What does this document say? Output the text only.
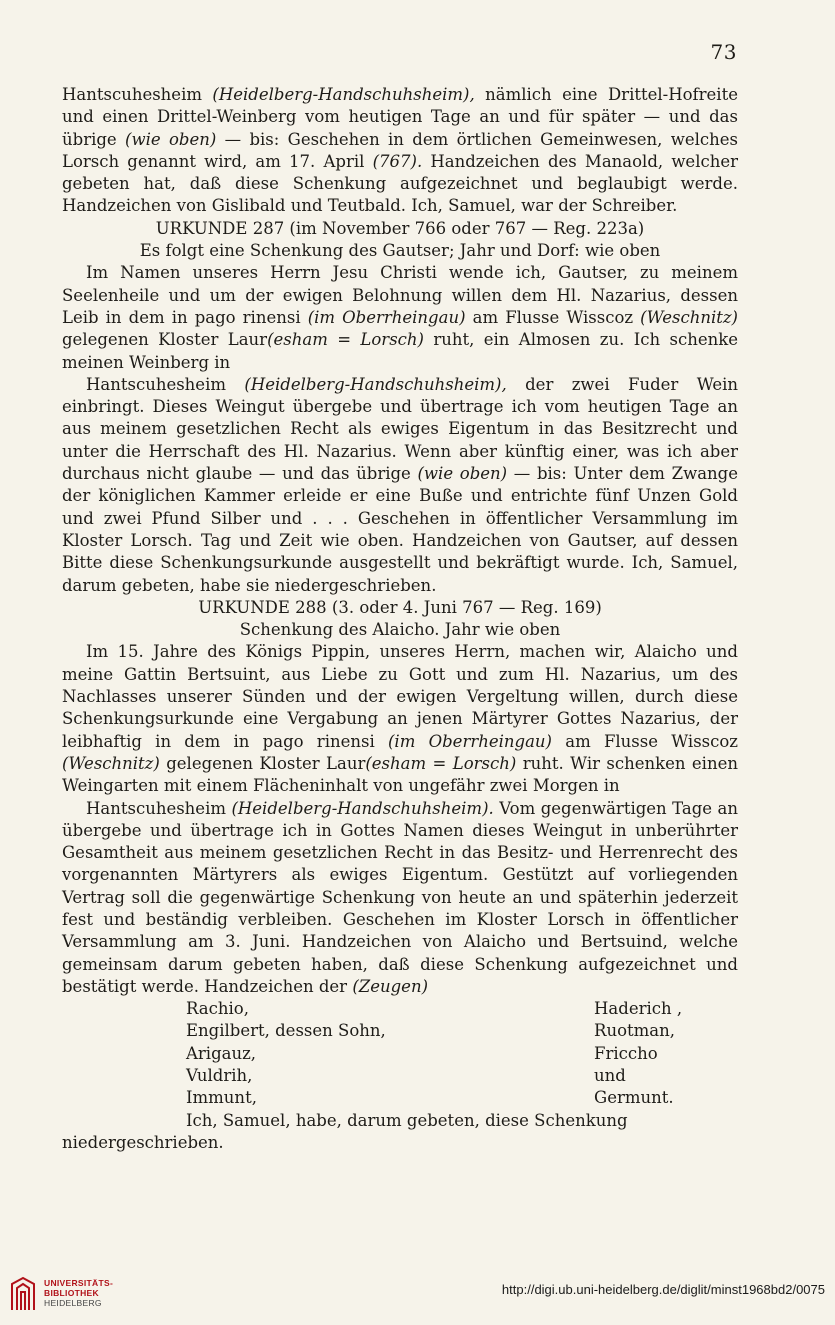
73

Hantscuhesheim (Heidelberg-Handschuhsheim), nämlich eine Drittel-Hofreite und einen Drittel-Weinberg vom heutigen Tage an und für später — und das übrige (wie oben) — bis: Geschehen in dem örtlichen Gemeinwesen, welches Lorsch genannt wird, am 17. April (767). Handzeichen des Manaold, welcher gebeten hat, daß diese Schenkung aufgezeichnet und beglaubigt werde. Handzeichen von Gislibald und Teutbald. Ich, Samuel, war der Schreiber.

URKUNDE 287 (im November 766 oder 767 — Reg. 223a)

Es folgt eine Schenkung des Gautser; Jahr und Dorf: wie oben

Im Namen unseres Herrn Jesu Christi wende ich, Gautser, zu meinem Seelenheile und um der ewigen Belohnung willen dem Hl. Nazarius, dessen Leib in dem in pago rinensi (im Oberrheingau) am Flusse Wisscoz (Weschnitz) gelegenen Kloster Laur(esham = Lorsch) ruht, ein Almosen zu. Ich schenke meinen Weinberg in

Hantscuhesheim (Heidelberg-Handschuhsheim), der zwei Fuder Wein einbringt. Dieses Weingut übergebe und übertrage ich vom heutigen Tage an aus meinem gesetzlichen Recht als ewiges Eigentum in das Besitzrecht und unter die Herrschaft des Hl. Nazarius. Wenn aber künftig einer, was ich aber durchaus nicht glaube — und das übrige (wie oben) — bis: Unter dem Zwange der königlichen Kammer erleide er eine Buße und entrichte fünf Unzen Gold und zwei Pfund Silber und . . . Geschehen in öffentlicher Versammlung im Kloster Lorsch. Tag und Zeit wie oben. Handzeichen von Gautser, auf dessen Bitte diese Schenkungsurkunde ausgestellt und bekräftigt wurde. Ich, Samuel, darum gebeten, habe sie niedergeschrieben.

URKUNDE 288 (3. oder 4. Juni 767 — Reg. 169)

Schenkung des Alaicho. Jahr wie oben

Im 15. Jahre des Königs Pippin, unseres Herrn, machen wir, Alaicho und meine Gattin Bertsuint, aus Liebe zu Gott und zum Hl. Nazarius, um des Nachlasses unserer Sünden und der ewigen Vergeltung willen, durch diese Schenkungsurkunde eine Vergabung an jenen Märtyrer Gottes Nazarius, der leibhaftig in dem in pago rinensi (im Oberrheingau) am Flusse Wisscoz (Weschnitz) gelegenen Kloster Laur(esham = Lorsch) ruht. Wir schenken einen Weingarten mit einem Flächeninhalt von ungefähr zwei Morgen in

Hantscuhesheim (Heidelberg-Handschuhsheim). Vom gegenwärtigen Tage an übergebe und übertrage ich in Gottes Namen dieses Weingut in unberührter Gesamtheit aus meinem gesetzlichen Recht in das Besitz- und Herrenrecht des vorgenannten Märtyrers als ewiges Eigentum. Gestützt auf vorliegenden Vertrag soll die gegenwärtige Schenkung von heute an und späterhin jederzeit fest und beständig verbleiben. Geschehen im Kloster Lorsch in öffentlicher Versammlung am 3. Juni. Handzeichen von Alaicho und Bertsuind, welche gemeinsam darum gebeten haben, daß diese Schenkung aufgezeichnet und bestätigt werde. Handzeichen der (Zeugen)

Rachio,	Haderich ,
Engilbert, dessen Sohn,	Ruotman,
Arigauz,	Friccho
Vuldrih,	und
Immunt,	Germunt.

Ich, Samuel, habe, darum gebeten, diese Schenkung niedergeschrieben.

UNIVERSITÄTS-
BIBLIOTHEK
HEIDELBERG
http://digi.ub.uni-heidelberg.de/diglit/minst1968bd2/0075
